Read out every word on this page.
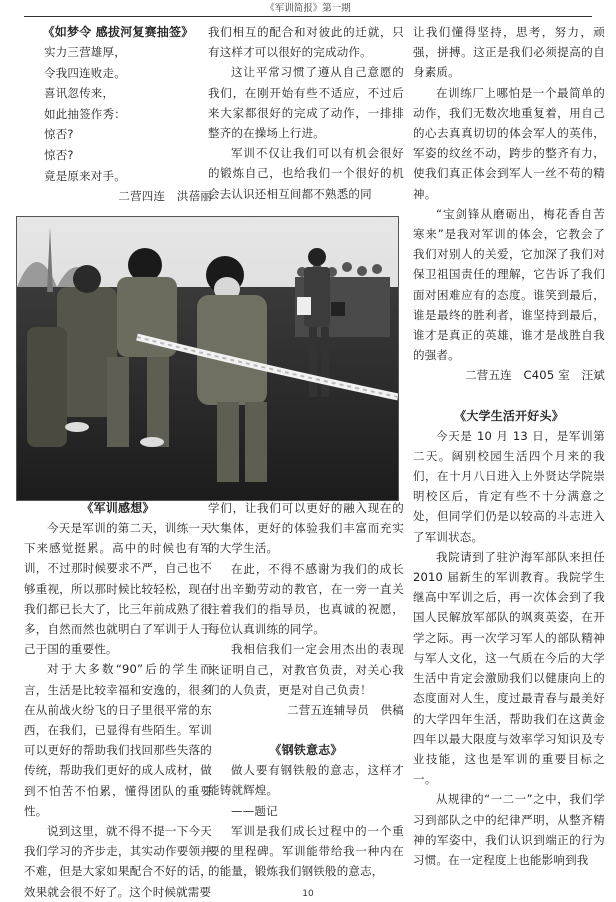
《军训简报》第一期
《如梦令 感拔河复赛抽签》
实力三营雄厚，
令我四连败走。
喜讯忽传来，
如此抽签作秀：
惊否?
惊否?
竟是原来对手。
二营四连　洪蓓丽

我们相互的配合和对彼此的迁就，只有这样才可以很好的完成动作。

这让平常习惯了遵从自己意愿的我们，在刚开始有些不适应，不过后来大家都很好的完成了动作，一排排整齐的在操场上行进。

军训不仅让我们可以有机会很好的锻炼自己，也给我们一个很好的机会去认识还相互间都不熟悉的同

让我们懂得坚持，思考，努力，顽强，拼搏。这正是我们必须提高的自身素质。

在训练厂上哪怕是一个最简单的动作，我们无数次地重复着，用自己的心去真真切切的体会军人的英伟，军姿的纹丝不动，跨步的整齐有力，使我们真正体会到军人一丝不苟的精神。

“宝剑锋从磨砺出，梅花香自苦寒来”是我对军训的体会，它教会了我们对别人的关爱，它加深了我们对保卫祖国责任的理解，它告诉了我们面对困难应有的态度。谁笑到最后，谁是最终的胜利者，谁坚持到最后，谁才是真正的英雄，谁才是战胜自我的强者。

二营五连　C405 室　汪斌
《大学生活开好头》

今天是 10 月 13 日，是军训第二天。阔别校园生活四个月来的我们，在十月八日进入上外贤达学院崇明校区后，肯定有些不十分满意之处，但同学们仍是以较高的斗志进入了军训状态。

我院请到了驻沪海军部队来担任 2010 届新生的军训教育。我院学生继高中军训之后，再一次体会到了我国人民解放军部队的飒爽英姿，在开学之际。再一次学习军人的部队精神与军人文化，这一气质在今后的大学生活中肯定会激励我们以健康向上的态度面对人生，度过最青春与最美好的大学四年生活，帮助我们在这黄金四年以最大限度与效率学习知识及专业技能，这也是军训的重要目标之一。

从规律的“一二一”之中，我们学习到部队之中的纪律严明，从整齐精神的军姿中，我们认识到端正的行为习惯。在一定程度上也能影响到我

《军训感想》

今天是军训的第二天，训练一天下来感觉挺累。高中的时候也有军训，不过那时候要求不严，自己也不够重视，所以那时候比较轻松，现在我们都已长大了，比三年前成熟了很多，自然而然也就明白了军训于人于己于国的重要性。

对于大多数“90”后的学生而言，生活是比较幸福和安逸的，很多在从前战火纷飞的日子里很平常的东西，在我们，已显得有些陌生。军训可以更好的帮助我们找回那些失落的传统，帮助我们更好的成人成材，做到不怕苦不怕累，懂得团队的重要性。

说到这里，就不得不提一下今天我们学习的齐步走，其实动作要领并不难，但是大家如果配合不好的话，效果就会很不好了。这个时候就需要

学们，让我们可以更好的融入现在的大集体，更好的体验我们丰富而充实的大学生活。

在此，不得不感谢为我们的成长付出辛勤劳动的教官，在一旁一直关注着我们的指导员，也真诚的祝愿，每位认真训练的同学。

我相信我们一定会用杰出的表现来证明自己，对教官负责，对关心我们的人负责，更是对自己负责！

二营五连辅导员　供稿
《钢铁意志》

做人要有钢铁般的意志，这样才能铸就辉煌。

——题记

军训是我们成长过程中的一个重要的里程碑。军训能带给我一种内在的能量，锻炼我们钢铁般的意志，

10
